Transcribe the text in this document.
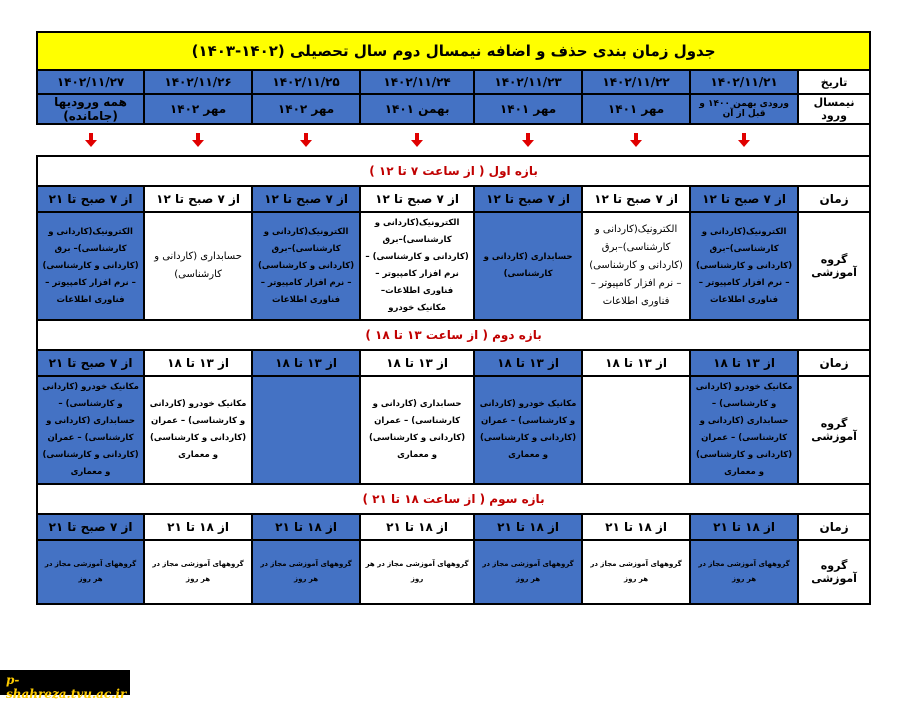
جدول زمان بندی حذف و اضافه نیمسال دوم سال تحصیلی (۱۴۰۲-۱۴۰۳)							
تاریخ	۱۴۰۲/۱۱/۲۱	۱۴۰۲/۱۱/۲۲	۱۴۰۲/۱۱/۲۳	۱۴۰۲/۱۱/۲۴	۱۴۰۲/۱۱/۲۵	۱۴۰۲/۱۱/۲۶	۱۴۰۲/۱۱/۲۷
نیمسال ورود	ورودی بهمن ۱۴۰۰ و قبل از آن	مهر ۱۴۰۱	مهر ۱۴۰۱	بهمن ۱۴۰۱	مهر ۱۴۰۲	مهر ۱۴۰۲	همه ورودیها (جامانده)

بازه اول ( از ساعت ۷ تا ۱۲ )							
زمان	از ۷ صبح تا ۱۲	از ۷ صبح تا ۱۲	از ۷ صبح تا ۱۲	از ۷ صبح تا ۱۲	از ۷ صبح تا ۱۲	از ۷ صبح تا ۱۲	از ۷ صبح تا ۲۱
گروه آموزشی	الکترونیک(کاردانی و کارشناسی)–برق (کاردانی و کارشناسی) – نرم افزار کامپیوتر – فناوری اطلاعات	الکترونیک(کاردانی و کارشناسی)–برق (کاردانی و کارشناسی) – نرم افزار کامپیوتر – فناوری اطلاعات	حسابداری (کاردانی و کارشناسی)	الکترونیک(کاردانی و کارشناسی)–برق (کاردانی و کارشناسی) – نرم افزار کامپیوتر – فناوری اطلاعات– مکانیک خودرو	الکترونیک(کاردانی و کارشناسی)–برق (کاردانی و کارشناسی) – نرم افزار کامپیوتر – فناوری اطلاعات	حسابداری (کاردانی و کارشناسی)	الکترونیک(کاردانی و کارشناسی)– برق (کاردانی و کارشناسی) – نرم افزار کامپیوتر – فناوری اطلاعات

بازه دوم ( از ساعت ۱۳ تا ۱۸ )							
زمان	از ۱۳ تا ۱۸	از ۱۳ تا ۱۸	از ۱۳ تا ۱۸	از ۱۳ تا ۱۸	از ۱۳ تا ۱۸	از ۱۳ تا ۱۸	از ۷ صبح تا ۲۱
گروه آموزشی	مکانیک خودرو (کاردانی و کارشناسی) – حسابداری (کاردانی و کارشناسی) – عمران (کاردانی و کارشناسی) و معماری		مکانیک خودرو (کاردانی و کارشناسی) – عمران (کاردانی و کارشناسی) و معماری	حسابداری (کاردانی و کارشناسی) – عمران (کاردانی و کارشناسی) و معماری		مکانیک خودرو (کاردانی و کارشناسی) – عمران (کاردانی و کارشناسی) و معماری	مکانیک خودرو (کاردانی و کارشناسی) – حسابداری (کاردانی و کارشناسی) – عمران (کاردانی و کارشناسی) و معماری

بازه سوم ( از ساعت ۱۸ تا ۲۱ )							
زمان	از ۱۸ تا ۲۱	از ۱۸ تا ۲۱	از ۱۸ تا ۲۱	از ۱۸ تا ۲۱	از ۱۸ تا ۲۱	از ۱۸ تا ۲۱	از ۷ صبح تا ۲۱
گروه آموزشی	گروههای آموزشی مجاز در هر روز	گروههای آموزشی مجاز در هر روز	گروههای آموزشی مجاز در هر روز	گروههای آموزشی مجاز در هر روز	گروههای آموزشی مجاز در هر روز	گروههای آموزشی مجاز در هر روز	گروههای آموزشی مجاز در هر روز
p-shahreza.tvu.ac.ir
